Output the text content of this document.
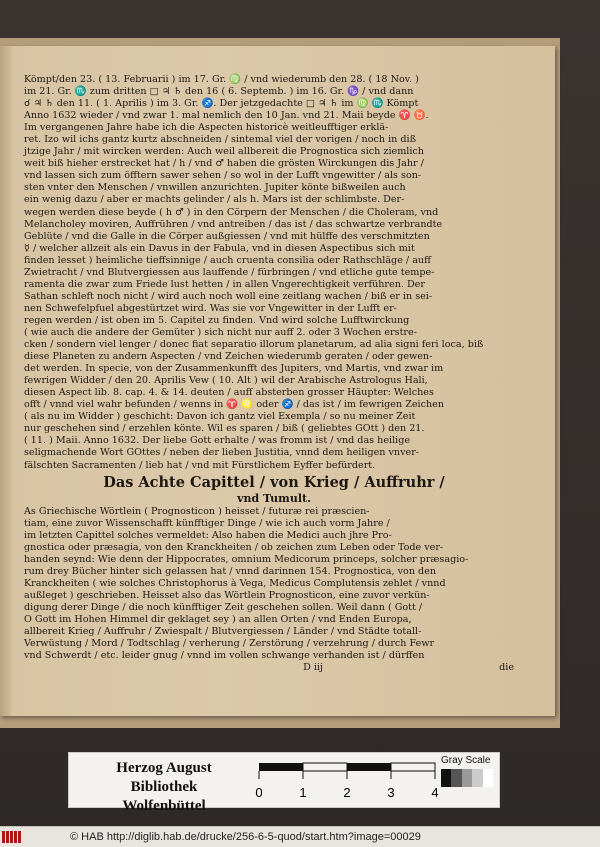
Kömpt/den 23. ( 13. Februarii ) im 17. Gr. ♍ / vnd wiederumb den 28. ( 18 Nov. )
im 21. Gr. ♏ zum dritten □ ♃ ♄ den 16 ( 6. Septemb. ) im 16. Gr. ♑ / vnd dann
☌ ♃ ♄ den 11. ( 1. Aprilis ) im 3. Gr. ♐. Der jetzgedachte □ ♃ ♄ im ♍ ♏ Kömpt
Anno 1632 wieder / vnd zwar 1. mal nemlich den 10 Jan. vnd 21. Maii beyde ♈ ♉.
Im vergangenen Jahre habe ich die Aspecten historicè weitleufftiger erklä-
ret. Izo wil ichs gantz kurtz abschneiden / sintemal viel der vorigen / noch in diß
jtzige Jahr / mit wircken werden: Auch weil allbereit die Prognostica sich ziemlich
weit biß hieher erstrecket hat / h / vnd ♂ haben die grösten Wirckungen dis Jahr /
vnd lassen sich zum öfftern sawer sehen / so wol in der Lufft vngewitter / als son-
sten vnter den Menschen / vnwillen anzurichten. Jupiter könte bißweilen auch
ein wenig dazu / aber er machts gelinder / als h. Mars ist der schlimbste. Der-
wegen werden diese beyde ( h ♂ ) in den Cörpern der Menschen / die Choleram, vnd
Melancholey moviren, Auffrühren / vnd antreiben / das ist / das schwartze verbrandte
Geblüte / vnd die Galle in die Cörper außgiessen / vnd mit hülffe des verschmitzten
☿ / welcher allzeit als ein Davus in der Fabula, vnd in diesen Aspectibus sich mit
finden lesset ) heimliche tieffsinnige / auch cruenta consilia oder Rathschläge / auff
Zwietracht / vnd Blutvergiessen aus lauffende / fürbringen / vnd etliche gute tempe-
ramenta die zwar zum Friede lust hetten / in allen Vngerechtigkeit verführen. Der
Sathan schleft noch nicht / wird auch noch woll eine zeitlang wachen / biß er in sei-
nen Schwefelpfuel abgestürtzet wird. Was sie vor Vngewitter in der Lufft er-
regen werden / ist oben im 5. Capitel zu finden. Vnd wird solche Lufftwirckung
( wie auch die andere der Gemüter ) sich nicht nur auff 2. oder 3 Wochen erstre-
cken / sondern viel lenger / donec fiat separatio illorum planetarum, ad alia signi feri loca, biß
diese Planeten zu andern Aspecten / vnd Zeichen wiederumb geraten / oder gewen-
det werden. In specie, von der Zusammenkunfft des Jupiters, vnd Martis, vnd zwar im
fewrigen Widder / den 20. Aprilis Vew ( 10. Alt ) wil der Arabische Astrologus Hali,
diesen Aspect lib. 8. cap. 4. & 14. deuten / auff absterben grosser Häupter: Welches
offt / vnnd viel wahr befunden / wenns in ♈ ♌ oder ♐ / das ist / im fewrigen Zeichen
( als nu im Widder ) geschicht: Davon ich gantz viel Exempla / so nu meiner Zeit
nur geschehen sind / erzehlen könte. Wil es sparen / biß ( geliebtes GOtt ) den 21.
( 11. ) Maii. Anno 1632. Der liebe Gott erhalte / was fromm ist / vnd das heilige
seligmachende Wort GOttes / neben der lieben Justitia, vnnd dem heiligen vnver-
fälschten Sacramenten / lieb hat / vnd mit Fürstlichem Eyffer befürdert.
Das Achte Capittel / von Krieg / Auffruhr /
vnd Tumult.
As Griechische Wörtlein ( Prognosticon ) heisset / futuræ rei præscien-
tiam, eine zuvor Wissenschafft künfftiger Dinge / wie ich auch vorm Jahre /
im letzten Capittel solches vermeldet: Also haben die Medici auch jhre Pro-
gnostica oder præsagia, von den Kranckheiten / ob zeichen zum Leben oder Tode ver-
handen seynd: Wie denn der Hippocrates, omnium Medicorum princeps, solcher præsagio-
rum drey Bücher hinter sich gelassen hat / vnnd darinnen 154. Prognostica, von den
Kranckheiten ( wie solches Christophorus à Vega, Medicus Complutensis zehlet / vnnd
außleget ) geschrieben. Heisset also das Wörtlein Prognosticon, eine zuvor verkün-
digung derer Dinge / die noch künfftiger Zeit geschehen sollen. Weil dann ( Gott /
O Gott im Hohen Himmel dir geklaget sey ) an allen Orten / vnd Enden Europa,
allbereit Krieg / Auffruhr / Zwiespalt / Blutvergiessen / Länder / vnd Städte totall-
Verwüstung / Mord / Todtschlag / verherung / Zerstörung / verzehrung / durch Fewr
vnd Schwerdt / etc. leider gnug / vnnd im vollen schwange verhanden ist / dürffen
D iij	die
Herzog August Bibliothek
Wolfenbüttel
0	1	2	3	4
Gray Scale
© HAB http://diglib.hab.de/drucke/256-6-5-quod/start.htm?image=00029
